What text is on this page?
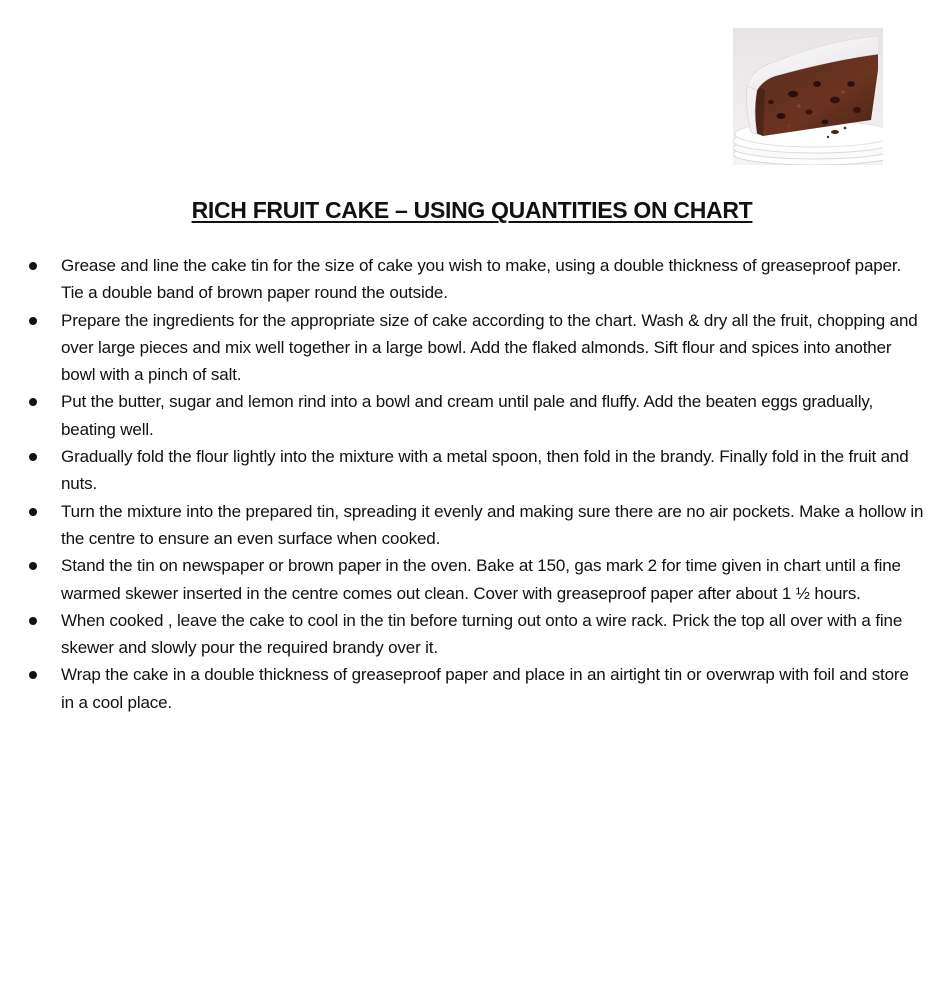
RICH FRUIT CAKE – USING QUANTITIES ON CHART
Grease and line the cake tin for the size of cake you wish to make, using a double thickness of greaseproof paper. Tie a double band of brown paper round the outside.
Prepare the ingredients for the appropriate size of cake according to the chart. Wash & dry all the fruit, chopping and over large pieces and mix well together in a large bowl. Add the flaked almonds. Sift flour and spices into another bowl with a pinch of salt.
Put the butter, sugar and lemon rind into a bowl and cream until pale and fluffy. Add the beaten eggs gradually, beating well.
Gradually fold the flour lightly into the mixture with a metal spoon, then fold in the brandy. Finally fold in the fruit and nuts.
Turn the mixture into the prepared tin, spreading it evenly and making sure there are no air pockets. Make a hollow in the centre to ensure an even surface when cooked.
Stand the tin on newspaper or brown paper in the oven. Bake at 150, gas mark 2 for time given in chart until a fine warmed skewer inserted in the centre comes out clean. Cover with greaseproof paper after about 1 ½ hours.
When cooked , leave the cake to cool in the tin before turning out onto a wire rack. Prick the top all over with a fine skewer and slowly pour the required brandy over it.
Wrap the cake in a double thickness of greaseproof paper and place in an airtight tin or overwrap with foil and store in a cool place.
